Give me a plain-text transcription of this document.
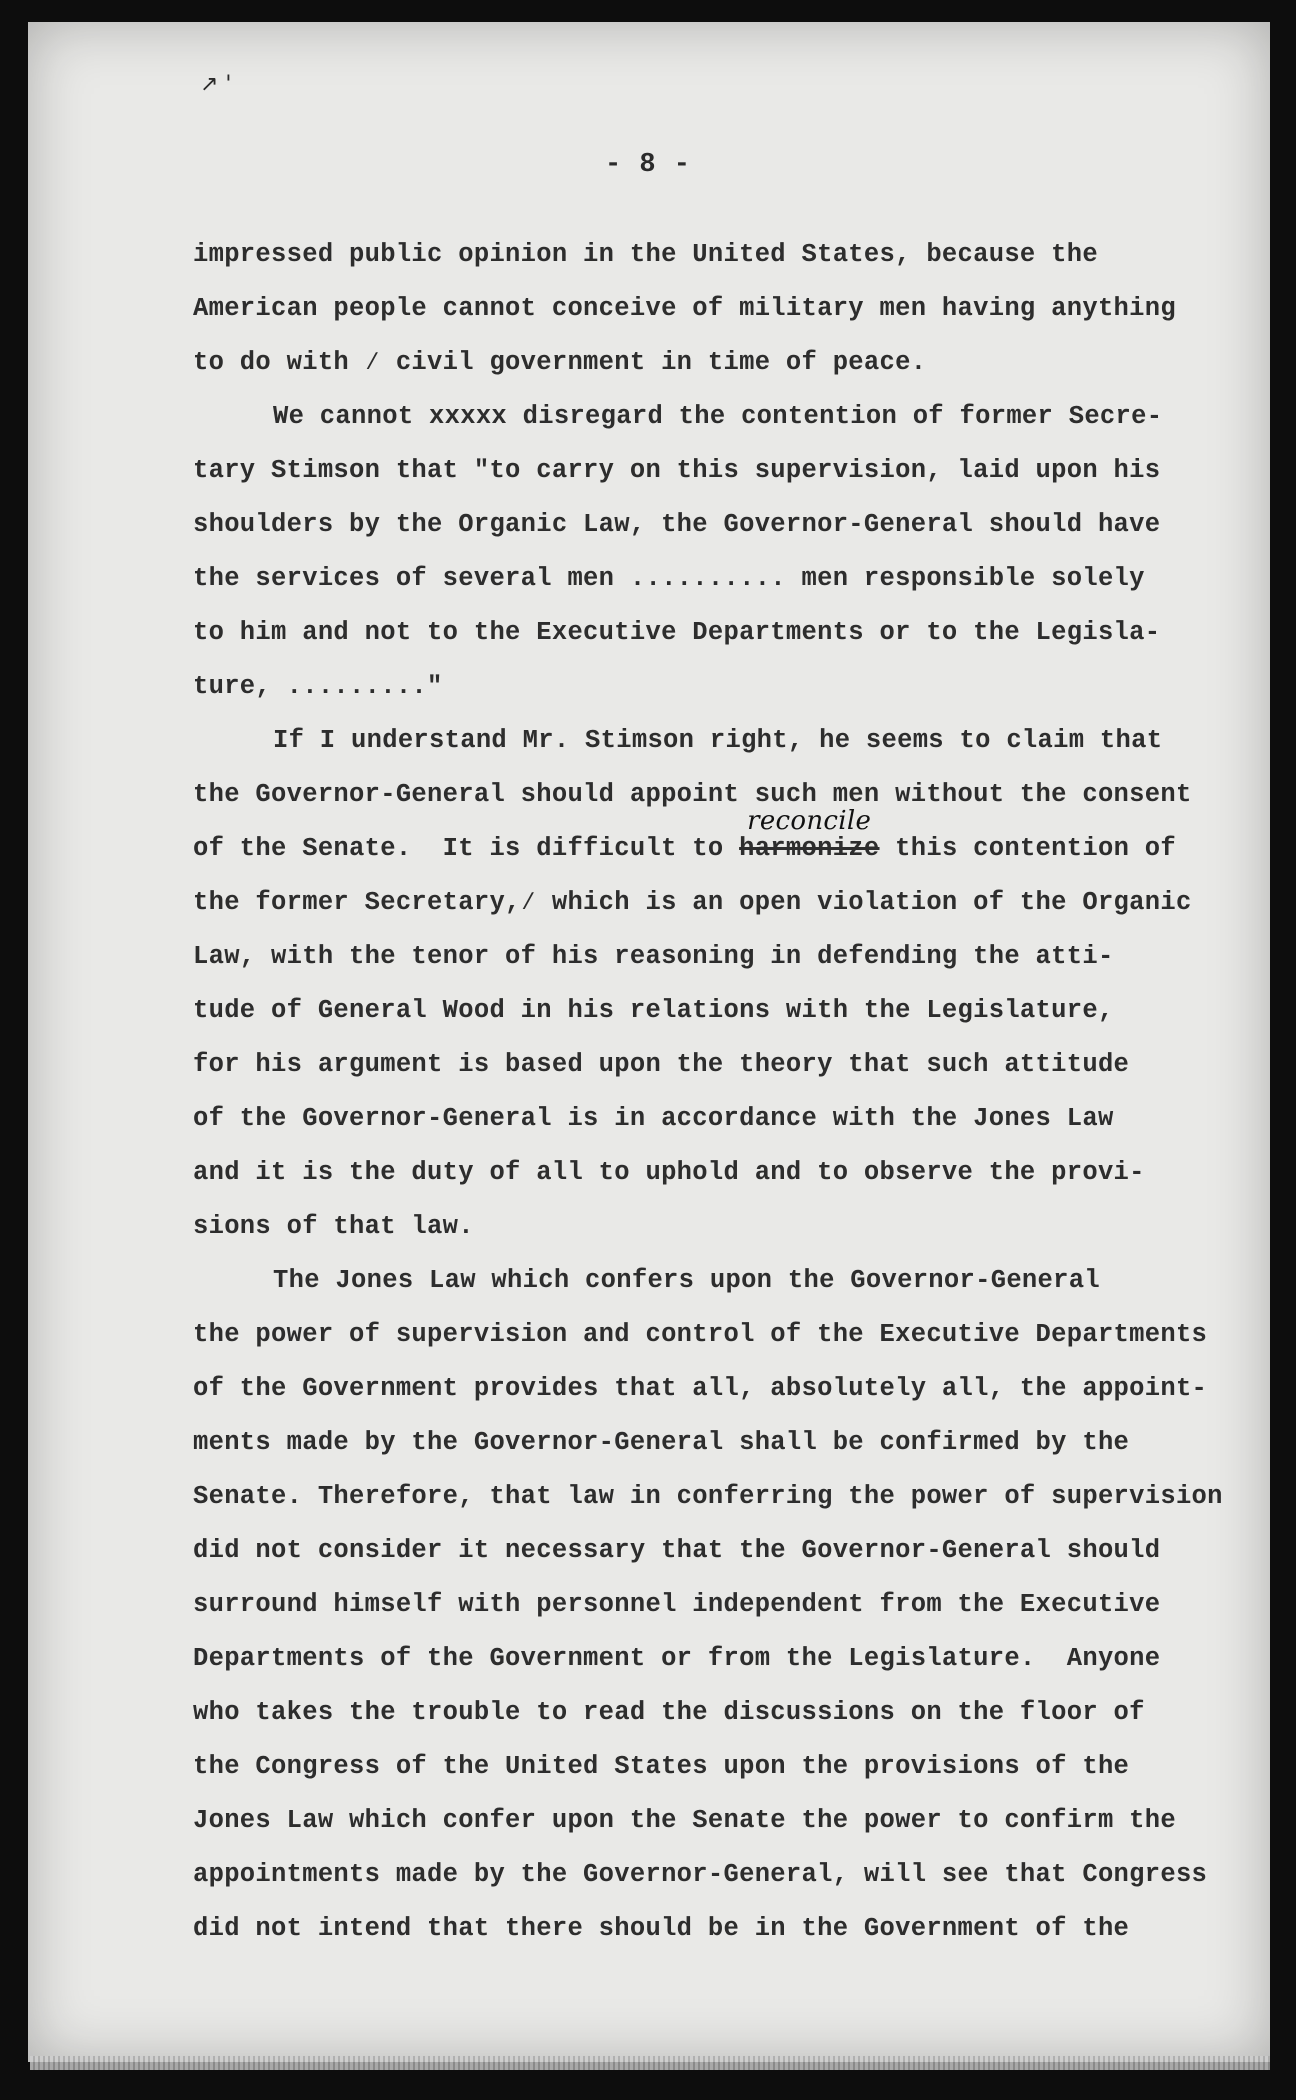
↗ '
- 8 -
impressed public opinion in the United States, because the
American people cannot conceive of military men having anything
to do with ∕ civil government in time of peace.
We cannot xxxxx disregard the contention of former Secre-
tary Stimson that "to carry on this supervision, laid upon his
shoulders by the Organic Law, the Governor-General should have
the services of several men .......... men responsible solely
to him and not to the Executive Departments or to the Legisla-
ture, ........."
If I understand Mr. Stimson right, he seems to claim that
the Governor-General should appoint such men without the consent
of the Senate.  It is difficult to
reconcile
harmonize this contention of
the former Secretary,∕ which is an open violation of the Organic
Law, with the tenor of his reasoning in defending the atti-
tude of General Wood in his relations with the Legislature,
for his argument is based upon the theory that such attitude
of the Governor-General is in accordance with the Jones Law
and it is the duty of all to uphold and to observe the provi-
sions of that law.
The Jones Law which confers upon the Governor-General
the power of supervision and control of the Executive Departments
of the Government provides that all, absolutely all, the appoint-
ments made by the Governor-General shall be confirmed by the
Senate. Therefore, that law in conferring the power of supervision
did not consider it necessary that the Governor-General should
surround himself with personnel independent from the Executive
Departments of the Government or from the Legislature.  Anyone
who takes the trouble to read the discussions on the floor of
the Congress of the United States upon the provisions of the
Jones Law which confer upon the Senate the power to confirm the
appointments made by the Governor-General, will see that Congress
did not intend that there should be in the Government of the
